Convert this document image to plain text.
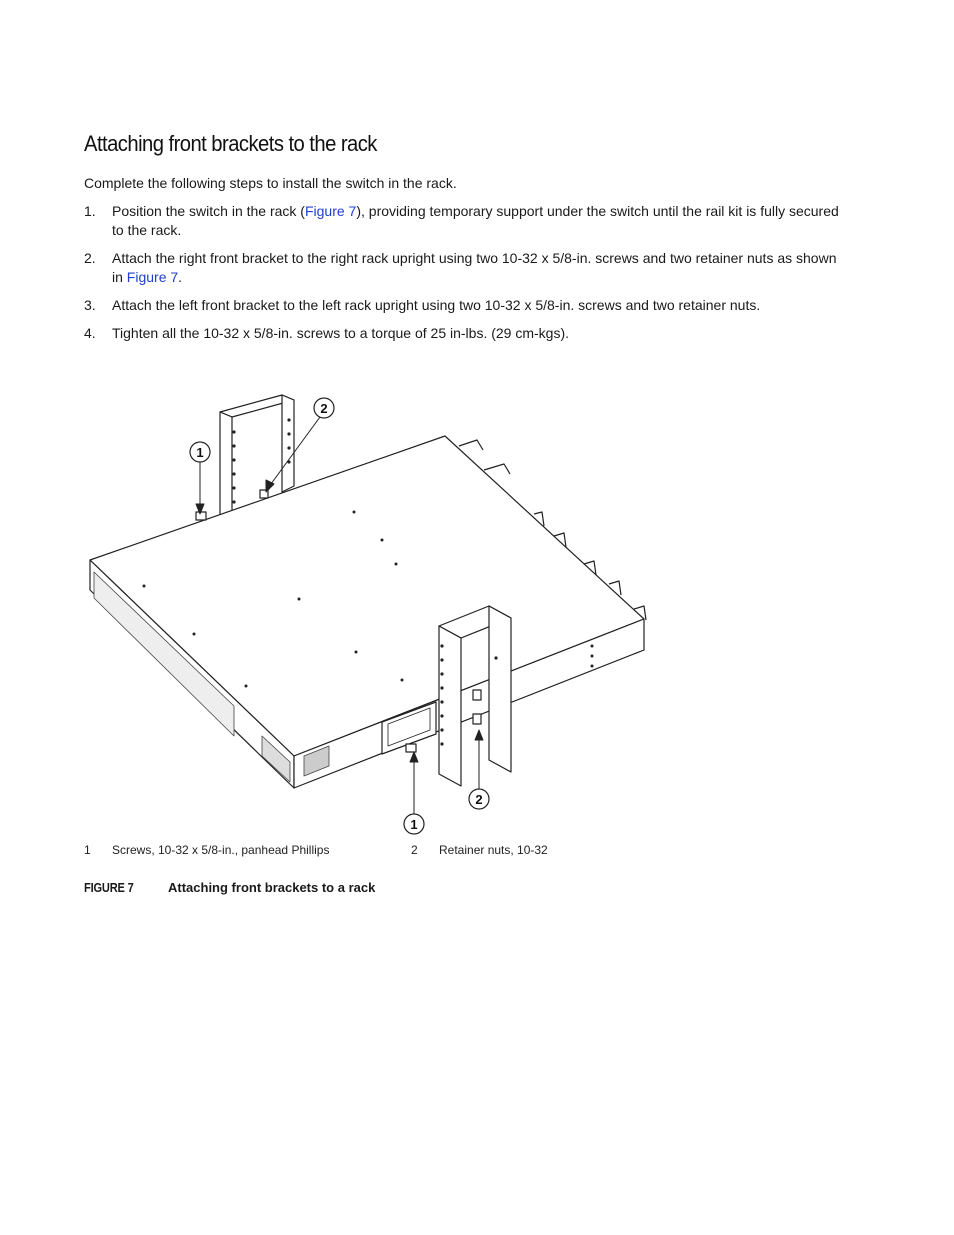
Attaching front brackets to the rack
Complete the following steps to install the switch in the rack.
1. Position the switch in the rack (Figure 7), providing temporary support under the switch until the rail kit is fully secured to the rack.
2. Attach the right front bracket to the right rack upright using two 10-32 x 5/8-in. screws and two retainer nuts as shown in Figure 7.
3. Attach the left front bracket to the left rack upright using two 10-32 x 5/8-in. screws and two retainer nuts.
4. Tighten all the 10-32 x 5/8-in. screws to a torque of 25 in-lbs. (29 cm-kgs).
1
2
1
2
1 Screws, 10-32 x 5/8-in., panhead Phillips	2 Retainer nuts, 10-32
FIGURE 7	Attaching front brackets to a rack
